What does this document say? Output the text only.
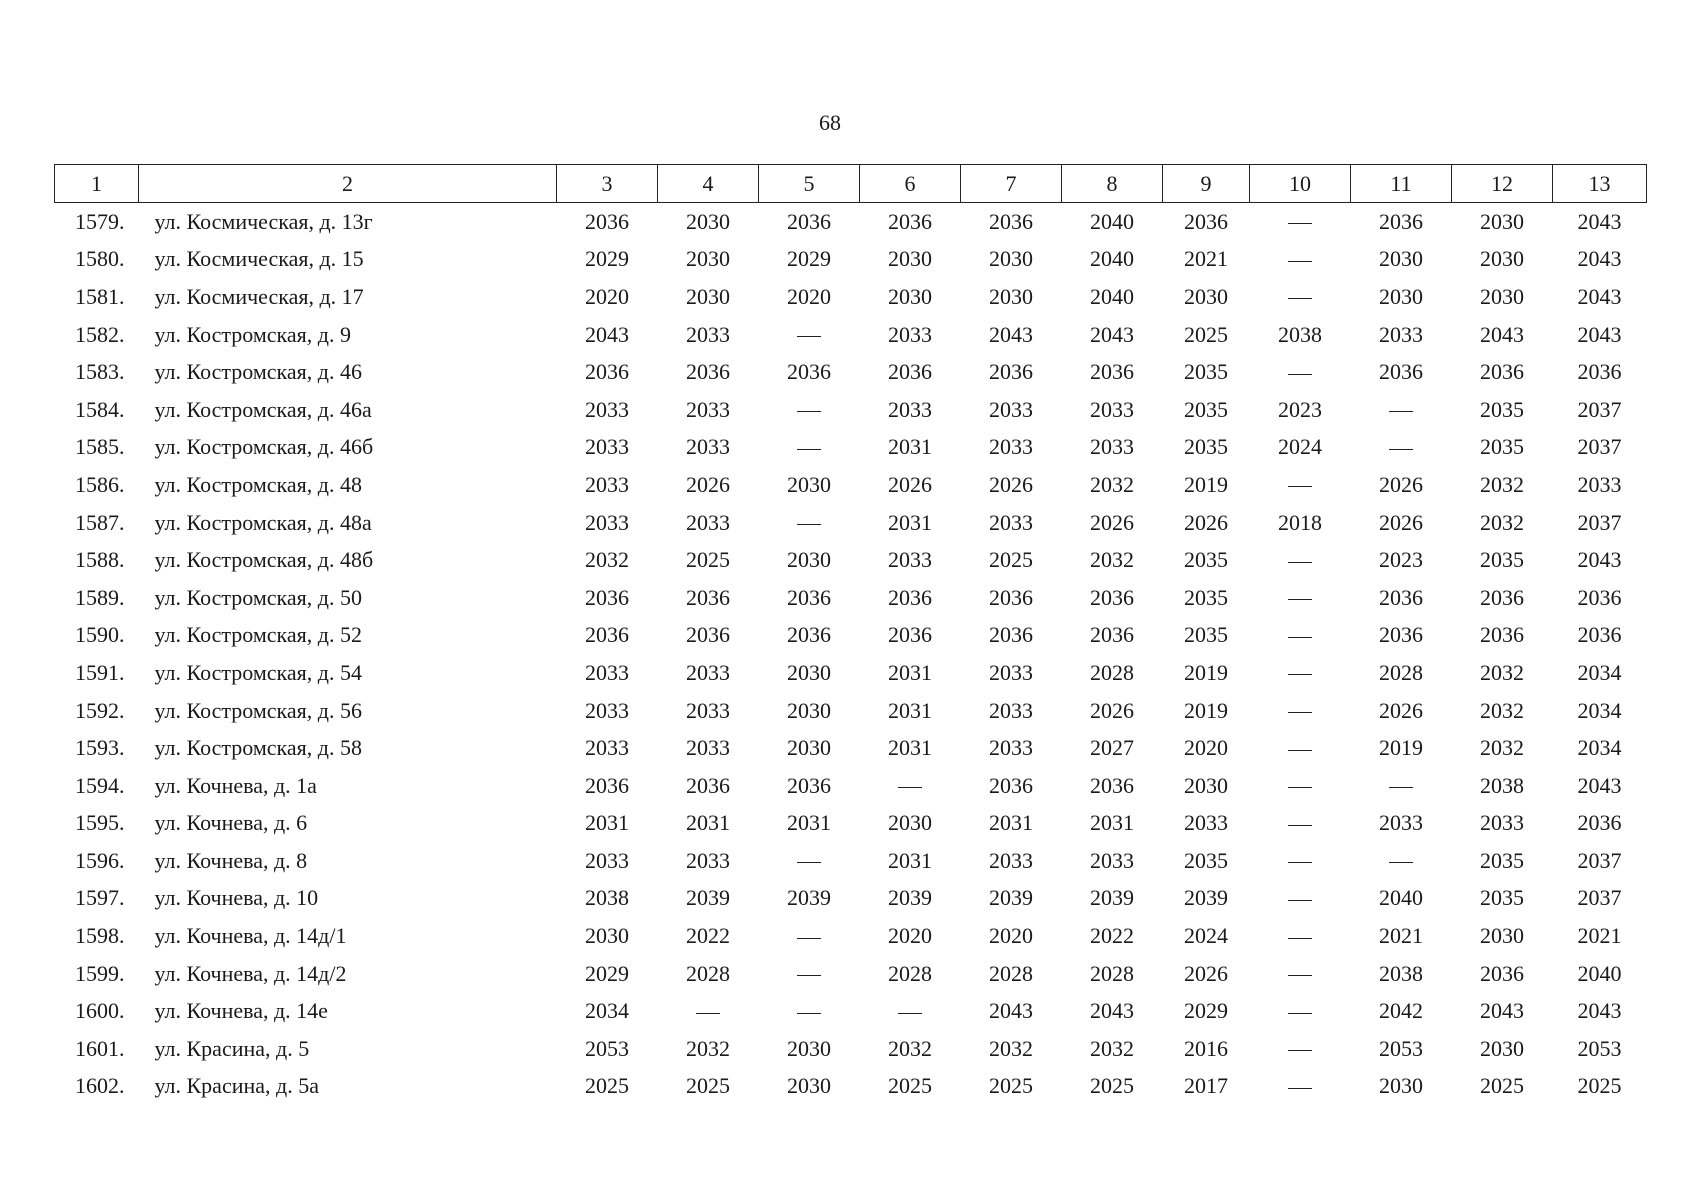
68
1	2	3	4	5	6	7	8	9	10	11	12	13
1579.	ул. Космическая, д. 13г	2036	2030	2036	2036	2036	2040	2036		2036	2030	2043
1580.	ул. Космическая, д. 15	2029	2030	2029	2030	2030	2040	2021		2030	2030	2043
1581.	ул. Космическая, д. 17	2020	2030	2020	2030	2030	2040	2030		2030	2030	2043
1582.	ул. Костромская, д. 9	2043	2033		2033	2043	2043	2025	2038	2033	2043	2043
1583.	ул. Костромская, д. 46	2036	2036	2036	2036	2036	2036	2035		2036	2036	2036
1584.	ул. Костромская, д. 46а	2033	2033		2033	2033	2033	2035	2023		2035	2037
1585.	ул. Костромская, д. 46б	2033	2033		2031	2033	2033	2035	2024		2035	2037
1586.	ул. Костромская, д. 48	2033	2026	2030	2026	2026	2032	2019		2026	2032	2033
1587.	ул. Костромская, д. 48а	2033	2033		2031	2033	2026	2026	2018	2026	2032	2037
1588.	ул. Костромская, д. 48б	2032	2025	2030	2033	2025	2032	2035		2023	2035	2043
1589.	ул. Костромская, д. 50	2036	2036	2036	2036	2036	2036	2035		2036	2036	2036
1590.	ул. Костромская, д. 52	2036	2036	2036	2036	2036	2036	2035		2036	2036	2036
1591.	ул. Костромская, д. 54	2033	2033	2030	2031	2033	2028	2019		2028	2032	2034
1592.	ул. Костромская, д. 56	2033	2033	2030	2031	2033	2026	2019		2026	2032	2034
1593.	ул. Костромская, д. 58	2033	2033	2030	2031	2033	2027	2020		2019	2032	2034
1594.	ул. Кочнева, д. 1а	2036	2036	2036		2036	2036	2030			2038	2043
1595.	ул. Кочнева, д. 6	2031	2031	2031	2030	2031	2031	2033		2033	2033	2036
1596.	ул. Кочнева, д. 8	2033	2033		2031	2033	2033	2035			2035	2037
1597.	ул. Кочнева, д. 10	2038	2039	2039	2039	2039	2039	2039		2040	2035	2037
1598.	ул. Кочнева, д. 14д/1	2030	2022		2020	2020	2022	2024		2021	2030	2021
1599.	ул. Кочнева, д. 14д/2	2029	2028		2028	2028	2028	2026		2038	2036	2040
1600.	ул. Кочнева, д. 14е	2034				2043	2043	2029		2042	2043	2043
1601.	ул. Красина, д. 5	2053	2032	2030	2032	2032	2032	2016		2053	2030	2053
1602.	ул. Красина, д. 5а	2025	2025	2030	2025	2025	2025	2017		2030	2025	2025
